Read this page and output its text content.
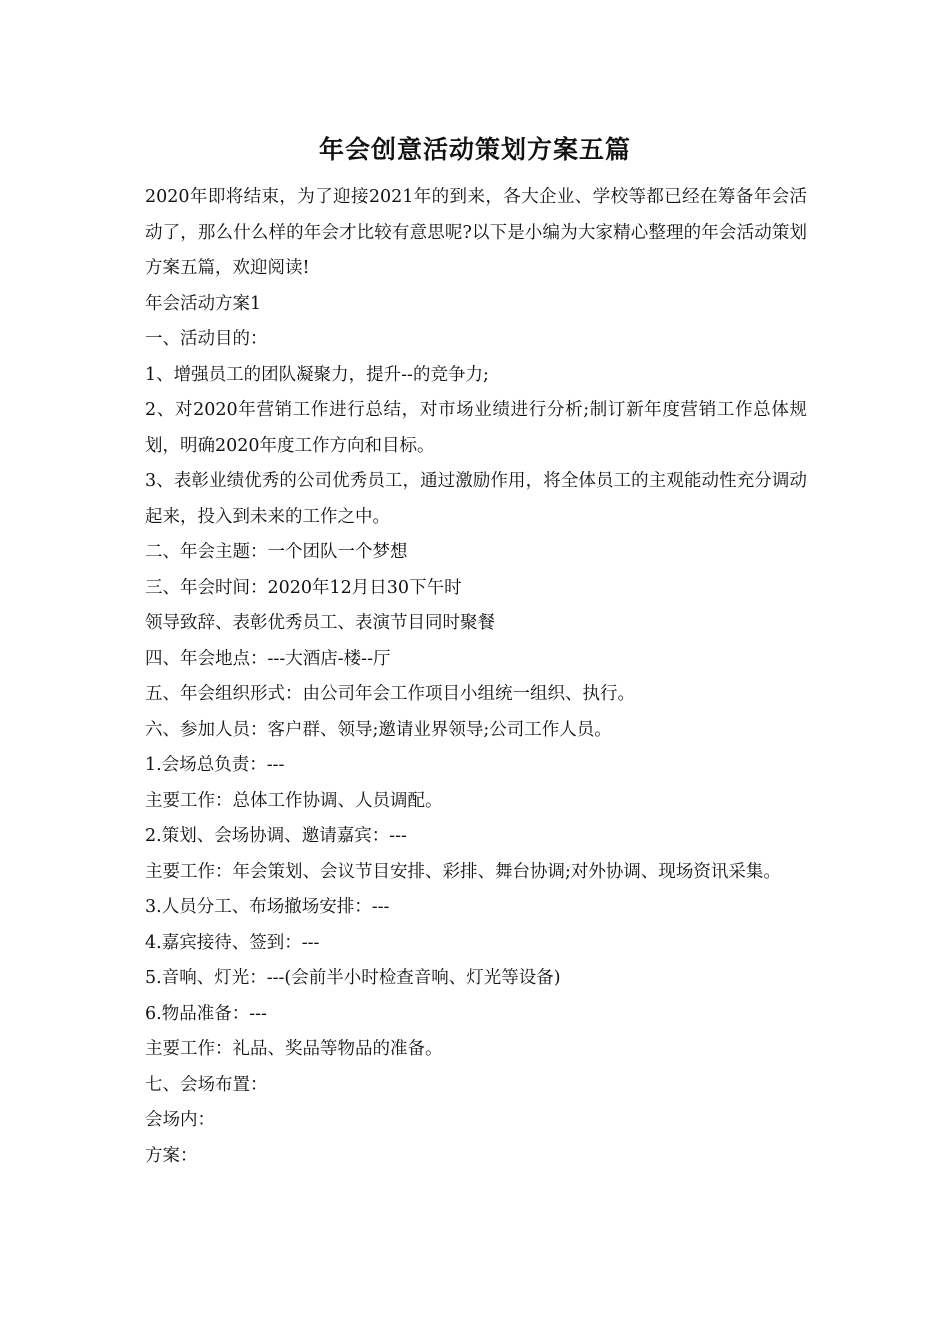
年会创意活动策划方案五篇
2020年即将结束，为了迎接2021年的到来，各大企业、学校等都已经在筹备年会活动了，那么什么样的年会才比较有意思呢?以下是小编为大家精心整理的年会活动策划方案五篇，欢迎阅读!
年会活动方案1
一、活动目的：
1、增强员工的团队凝聚力，提升--的竞争力;
2、对2020年营销工作进行总结，对市场业绩进行分析;制订新年度营销工作总体规划，明确2020年度工作方向和目标。
3、表彰业绩优秀的公司优秀员工，通过激励作用，将全体员工的主观能动性充分调动起来，投入到未来的工作之中。
二、年会主题：一个团队一个梦想
三、年会时间：2020年12月日30下午时
领导致辞、表彰优秀员工、表演节目同时聚餐
四、年会地点：---大酒店-楼--厅
五、年会组织形式：由公司年会工作项目小组统一组织、执行。
六、参加人员：客户群、领导;邀请业界领导;公司工作人员。
1.会场总负责：---
主要工作：总体工作协调、人员调配。
2.策划、会场协调、邀请嘉宾：---
主要工作：年会策划、会议节目安排、彩排、舞台协调;对外协调、现场资讯采集。
3.人员分工、布场撤场安排：---
4.嘉宾接待、签到：---
5.音响、灯光：---(会前半小时检查音响、灯光等设备)
6.物品准备：---
主要工作：礼品、奖品等物品的准备。
七、会场布置：
会场内：
方案：
